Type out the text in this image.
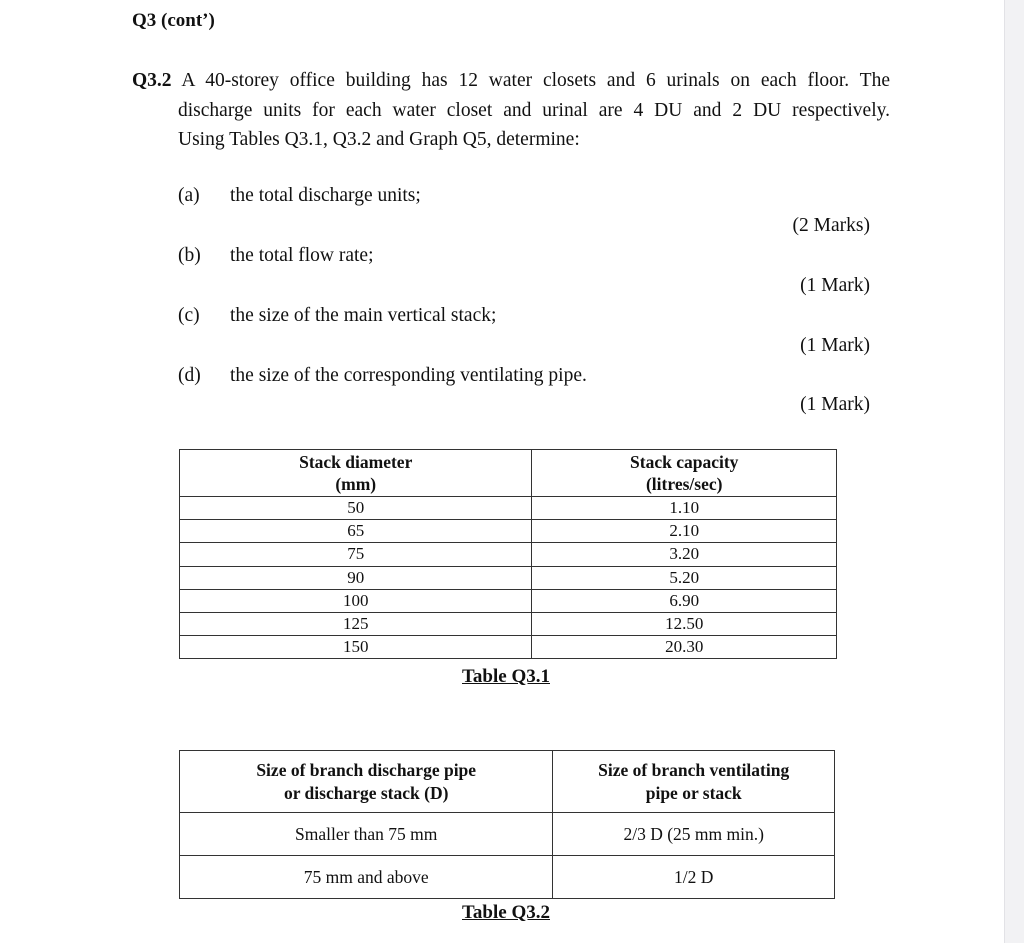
Q3 (cont’)
Q3.2 A 40-storey office building has 12 water closets and 6 urinals on each floor. The
discharge units for each water closet and urinal are 4 DU and 2 DU respectively.
Using Tables Q3.1, Q3.2 and Graph Q5, determine:
(a) the total discharge units;
(2 Marks)
(b) the total flow rate;
(1 Mark)
(c) the size of the main vertical stack;
(1 Mark)
(d) the size of the corresponding ventilating pipe.
(1 Mark)
Stack diameter
(mm)	Stack capacity
(litres/sec)
50	1.10
65	2.10
75	3.20
90	5.20
100	6.90
125	12.50
150	20.30
Table Q3.1
Size of branch discharge pipe
or discharge stack (D)	Size of branch ventilating
pipe or stack
Smaller than 75 mm	2/3 D (25 mm min.)
75 mm and above	1/2 D
Table Q3.2
